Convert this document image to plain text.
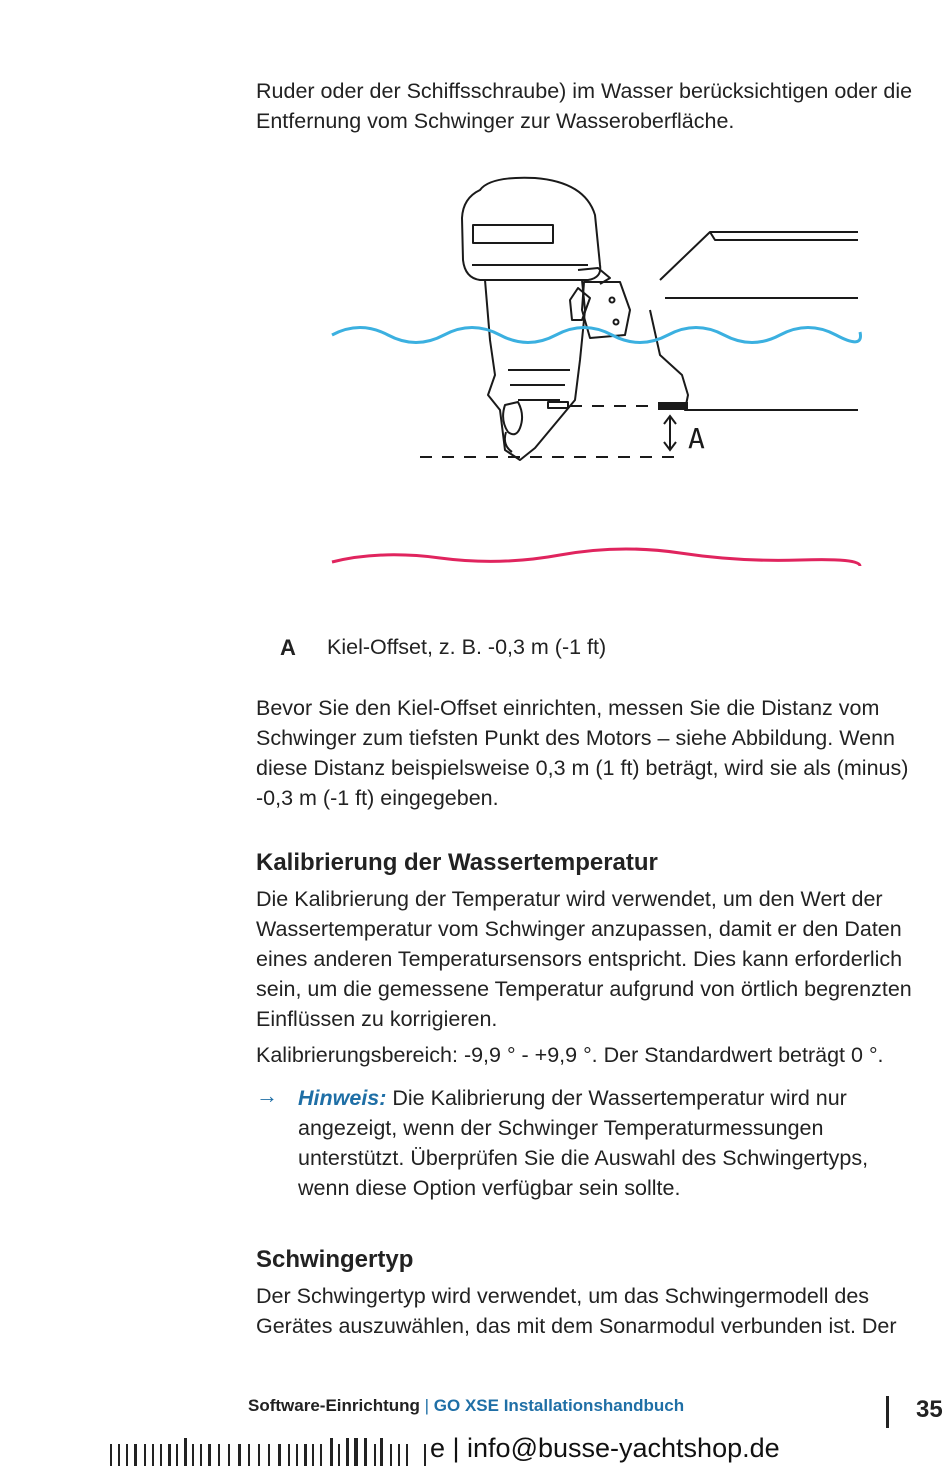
Ruder oder der Schiffsschraube) im Wasser berücksichtigen oder die Entfernung vom Schwinger zur Wasseroberfläche.

A
A Kiel-Offset, z. B. -0,3 m (-1 ft)

Bevor Sie den Kiel-Offset einrichten, messen Sie die Distanz vom Schwinger zum tiefsten Punkt des Motors – siehe Abbildung. Wenn diese Distanz beispielsweise 0,3 m (1 ft) beträgt, wird sie als (minus) -0,3 m (-1 ft) eingegeben.

Kalibrierung der Wassertemperatur

Die Kalibrierung der Temperatur wird verwendet, um den Wert der Wassertemperatur vom Schwinger anzupassen, damit er den Daten eines anderen Temperatursensors entspricht. Dies kann erforderlich sein, um die gemessene Temperatur aufgrund von örtlich begrenzten Einflüssen zu korrigieren.

Kalibrierungsbereich: -9,9 ° - +9,9 °. Der Standardwert beträgt 0 °.

→ Hinweis: Die Kalibrierung der Wassertemperatur wird nur angezeigt, wenn der Schwinger Temperaturmessungen unterstützt. Überprüfen Sie die Auswahl des Schwingertyps, wenn diese Option verfügbar sein sollte.
Schwingertyp

Der Schwingertyp wird verwendet, um das Schwingermodell des Gerätes auszuwählen, das mit dem Sonarmodul verbunden ist. Der

Software-Einrichtung | GO XSE Installationshandbuch	35
e | info@busse-yachtshop.de
